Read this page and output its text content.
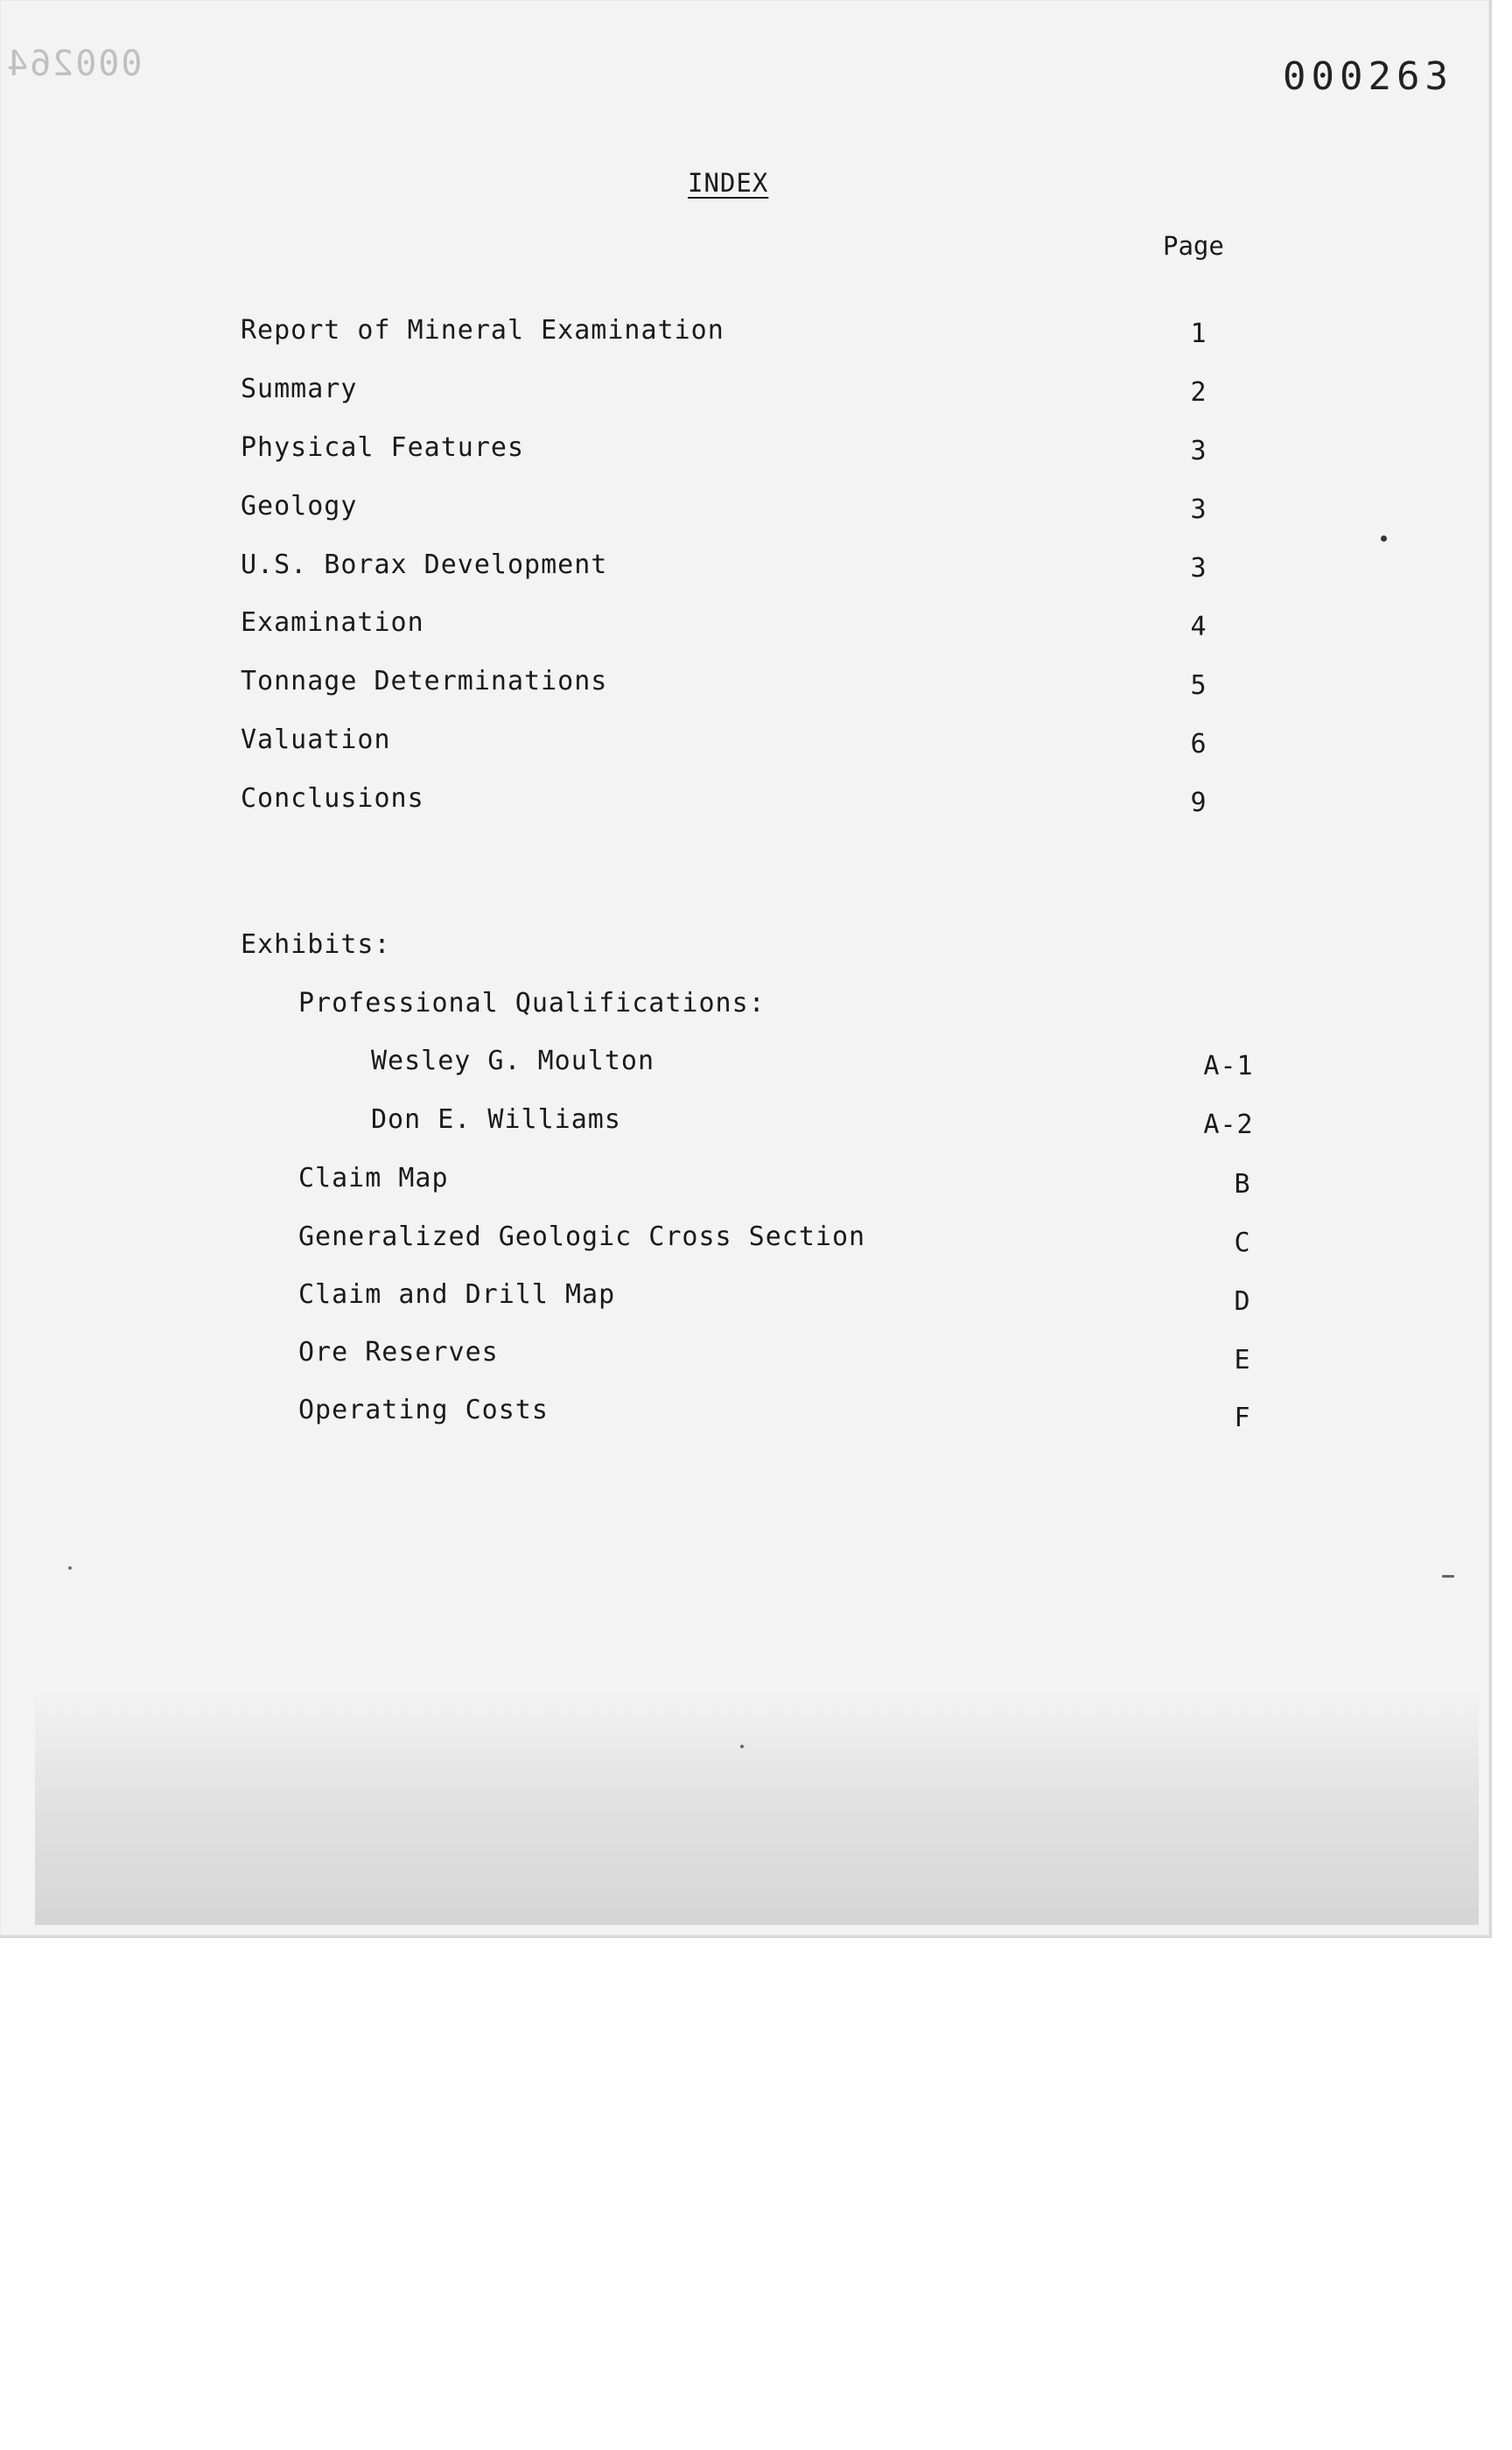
000264	000263
INDEX
Page
Report of Mineral Examination	1
Summary	2
Physical Features	3
Geology	3
U.S. Borax Development	3
Examination	4
Tonnage Determinations	5
Valuation	6
Conclusions	9
Exhibits:
Professional Qualifications:
Wesley G. Moulton	A-1
Don E. Williams	A-2
Claim Map	B
Generalized Geologic Cross Section	C
Claim and Drill Map	D
Ore Reserves	E
Operating Costs	F
